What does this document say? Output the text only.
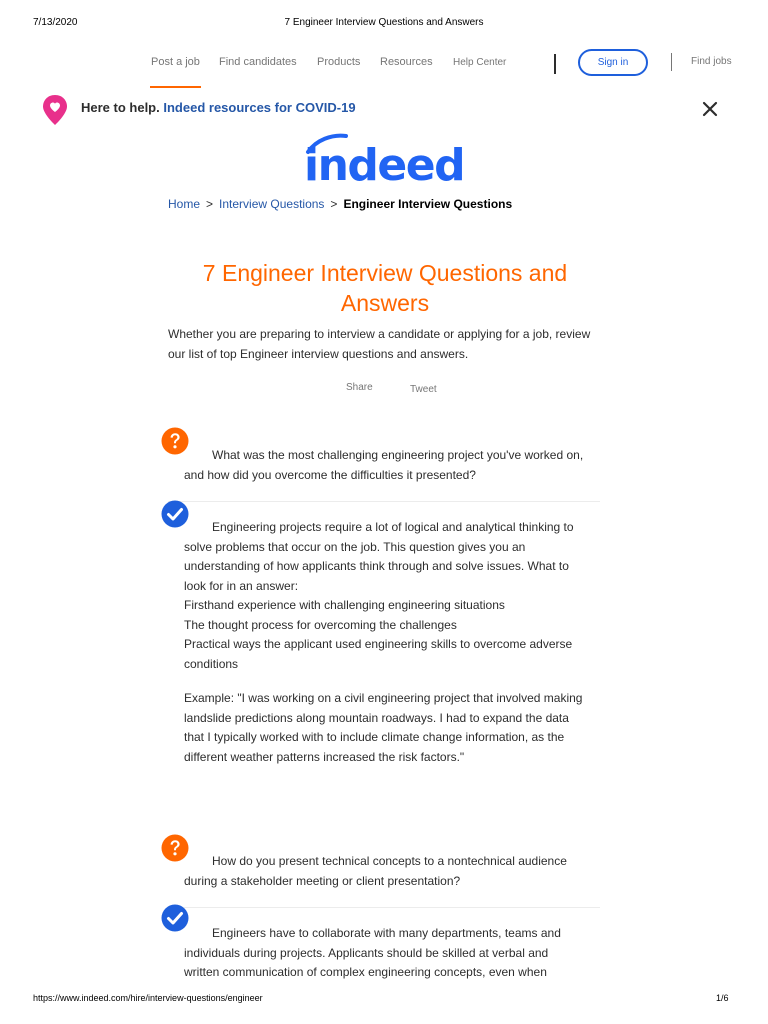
7/13/2020	7 Engineer Interview Questions and Answers
Post a job Find candidates Products Resources Help Center	Sign in	Find jobs
Here to help. Indeed resources for COVID-19
indeed
Home > Interview Questions > Engineer Interview Questions
7 Engineer Interview Questions and Answers

Whether you are preparing to interview a candidate or applying for a job, review our list of top Engineer interview questions and answers.

Share	Tweet
What was the most challenging engineering project you've worked on, and how did you overcome the difficulties it presented?

Engineering projects require a lot of logical and analytical thinking to solve problems that occur on the job. This question gives you an understanding of how applicants think through and solve issues. What to look for in an answer:

Firsthand experience with challenging engineering situations

The thought process for overcoming the challenges

Practical ways the applicant used engineering skills to overcome adverse conditions

Example: "I was working on a civil engineering project that involved making landslide predictions along mountain roadways. I had to expand the data that I typically worked with to include climate change information, as the different weather patterns increased the risk factors."

How do you present technical concepts to a nontechnical audience during a stakeholder meeting or client presentation?

Engineers have to collaborate with many departments, teams and individuals during projects. Applicants should be skilled at verbal and written communication of complex engineering concepts, even when

https://www.indeed.com/hire/interview-questions/engineer	1/6
